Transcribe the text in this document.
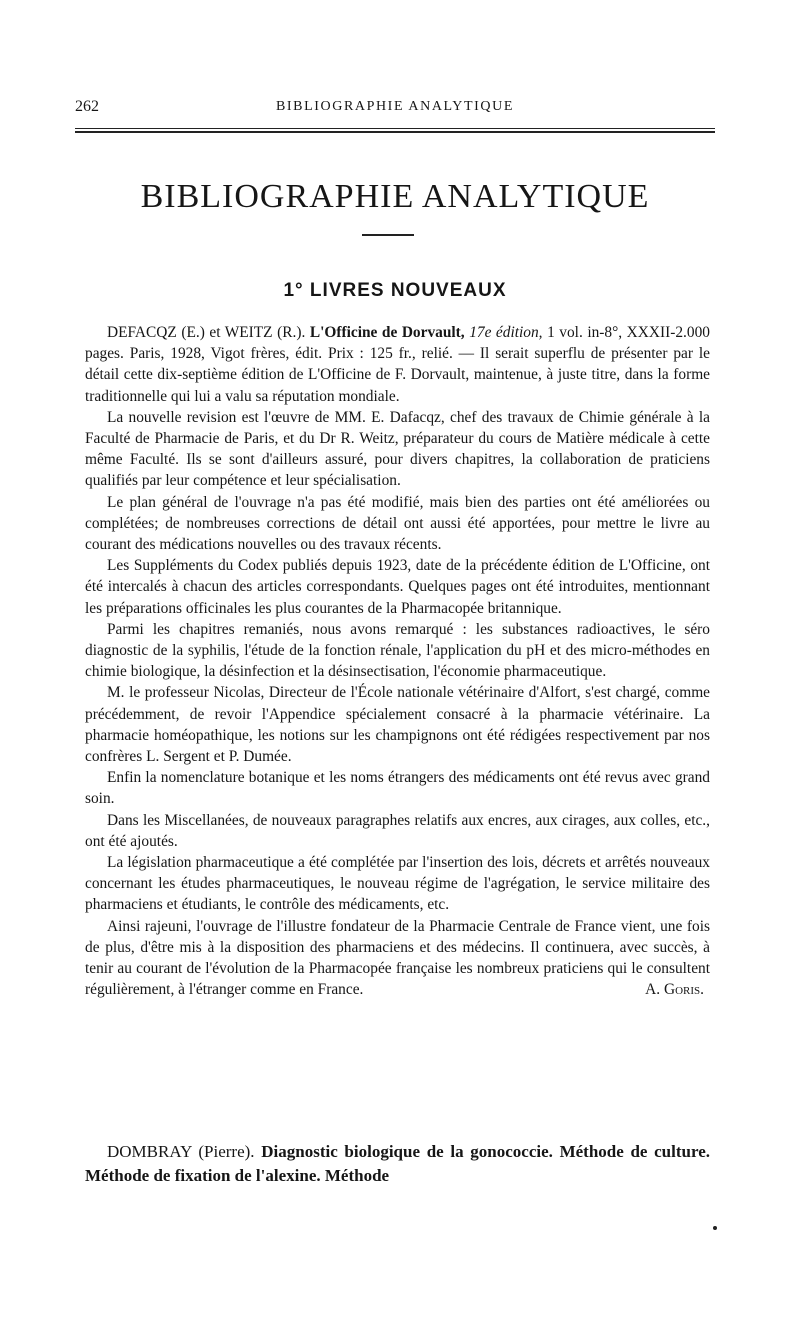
262	BIBLIOGRAPHIE ANALYTIQUE
BIBLIOGRAPHIE ANALYTIQUE
1° LIVRES NOUVEAUX

DEFACQZ (E.) et WEITZ (R.). L'Officine de Dorvault, 17e édition, 1 vol. in-8°, XXXII-2.000 pages. Paris, 1928, Vigot frères, édit. Prix : 125 fr., relié. — Il serait superflu de présenter par le détail cette dix-septième édition de L'Officine de F. Dorvault, maintenue, à juste titre, dans la forme traditionnelle qui lui a valu sa réputation mondiale.

La nouvelle revision est l'œuvre de MM. E. Dafacqz, chef des travaux de Chimie générale à la Faculté de Pharmacie de Paris, et du Dr R. Weitz, préparateur du cours de Matière médicale à cette même Faculté. Ils se sont d'ailleurs assuré, pour divers chapitres, la collaboration de praticiens qualifiés par leur compétence et leur spécialisation.

Le plan général de l'ouvrage n'a pas été modifié, mais bien des parties ont été améliorées ou complétées; de nombreuses corrections de détail ont aussi été apportées, pour mettre le livre au courant des médications nouvelles ou des travaux récents.

Les Suppléments du Codex publiés depuis 1923, date de la précédente édition de L'Officine, ont été intercalés à chacun des articles correspondants. Quelques pages ont été introduites, mentionnant les préparations officinales les plus courantes de la Pharmacopée britannique.

Parmi les chapitres remaniés, nous avons remarqué : les substances radioactives, le séro diagnostic de la syphilis, l'étude de la fonction rénale, l'application du pH et des micro-méthodes en chimie biologique, la désinfection et la désinsectisation, l'économie pharmaceutique.

M. le professeur Nicolas, Directeur de l'École nationale vétérinaire d'Alfort, s'est chargé, comme précédemment, de revoir l'Appendice spécialement consacré à la pharmacie vétérinaire. La pharmacie homéopathique, les notions sur les champignons ont été rédigées respectivement par nos confrères L. Sergent et P. Dumée.

Enfin la nomenclature botanique et les noms étrangers des médicaments ont été revus avec grand soin.

Dans les Miscellanées, de nouveaux paragraphes relatifs aux encres, aux cirages, aux colles, etc., ont été ajoutés.

La législation pharmaceutique a été complétée par l'insertion des lois, décrets et arrêtés nouveaux concernant les études pharmaceutiques, le nouveau régime de l'agrégation, le service militaire des pharmaciens et étudiants, le contrôle des médicaments, etc.

Ainsi rajeuni, l'ouvrage de l'illustre fondateur de la Pharmacie Centrale de France vient, une fois de plus, d'être mis à la disposition des pharmaciens et des médecins. Il continuera, avec succès, à tenir au courant de l'évolution de la Pharmacopée française les nombreux praticiens qui le consultent régulièrement, à l'étranger comme en France.	A. Goris.

DOMBRAY (Pierre). Diagnostic biologique de la gonococcie. Méthode de culture. Méthode de fixation de l'alexine. Méthode
